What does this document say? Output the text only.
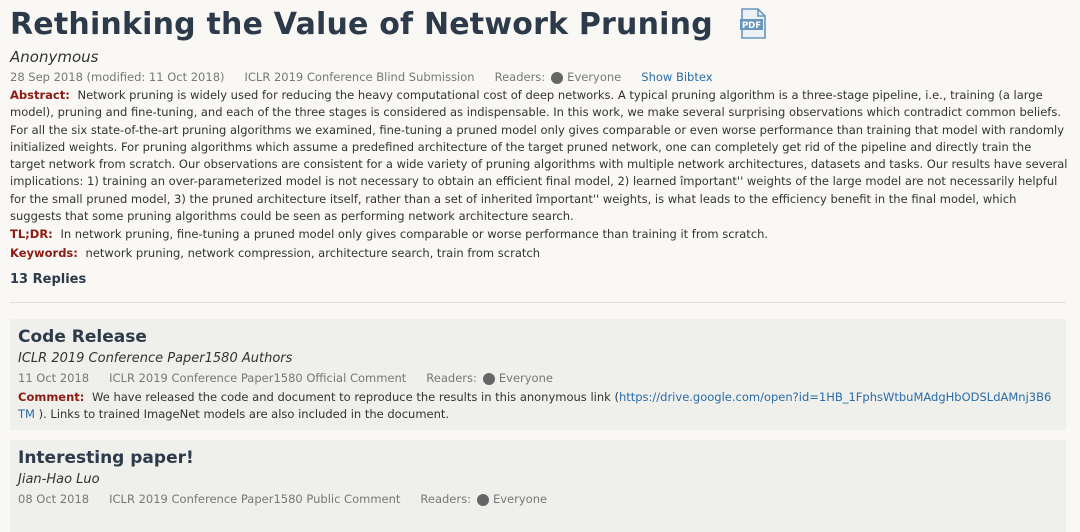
Rethinking the Value of Network Pruning	PDF
Anonymous
28 Sep 2018 (modified: 11 Oct 2018) ICLR 2019 Conference Blind Submission Readers: Everyone Show Bibtex
Abstract: Network pruning is widely used for reducing the heavy computational cost of deep networks. A typical pruning algorithm is a three-stage pipeline, i.e., training (a large model), pruning and fine-tuning, and each of the three stages is considered as indispensable. In this work, we make several surprising observations which contradict common beliefs. For all the six state-of-the-art pruning algorithms we examined, fine-tuning a pruned model only gives comparable or even worse performance than training that model with randomly initialized weights. For pruning algorithms which assume a predefined architecture of the target pruned network, one can completely get rid of the pipeline and directly train the target network from scratch. Our observations are consistent for a wide variety of pruning algorithms with multiple network architectures, datasets and tasks. Our results have several implications: 1) training an over-parameterized model is not necessary to obtain an efficient final model, 2) learned împortant'' weights of the large model are not necessarily helpful for the small pruned model, 3) the pruned architecture itself, rather than a set of inherited împortant'' weights, is what leads to the efficiency benefit in the final model, which suggests that some pruning algorithms could be seen as performing network architecture search.
TL;DR: In network pruning, fine-tuning a pruned model only gives comparable or worse performance than training it from scratch.
Keywords: network pruning, network compression, architecture search, train from scratch
13 Replies
Code Release
ICLR 2019 Conference Paper1580 Authors
11 Oct 2018 ICLR 2019 Conference Paper1580 Official Comment Readers: Everyone
Comment: We have released the code and document to reproduce the results in this anonymous link (https://drive.google.com/open?id=1HB_1FphsWtbuMAdgHbODSLdAMnj3B6TM ). Links to trained ImageNet models are also included in the document.
Interesting paper!
Jian-Hao Luo
08 Oct 2018 ICLR 2019 Conference Paper1580 Public Comment Readers: Everyone
